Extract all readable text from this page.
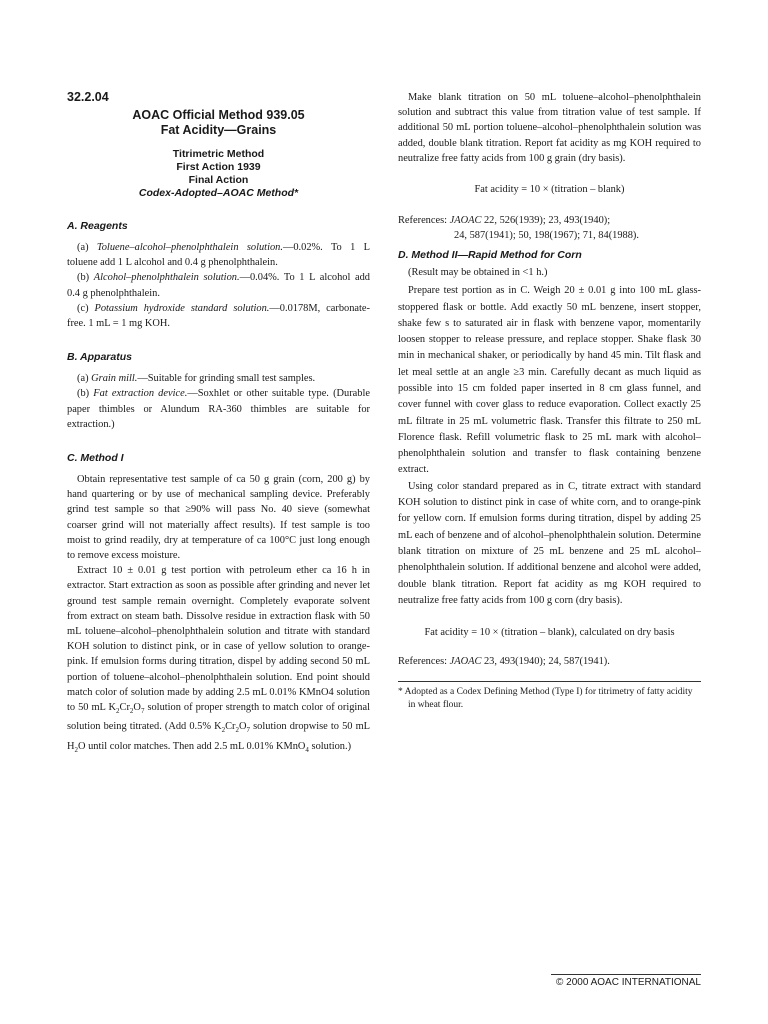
32.2.04
AOAC Official Method 939.05
Fat Acidity—Grains
Titrimetric Method
First Action 1939
Final Action
Codex-Adopted–AOAC Method*
A. Reagents

(a) Toluene–alcohol–phenolphthalein solution.—0.02%. To 1 L toluene add 1 L alcohol and 0.4 g phenolphthalein.

(b) Alcohol–phenolphthalein solution.—0.04%. To 1 L alcohol add 0.4 g phenolphthalein.

(c) Potassium hydroxide standard solution.—0.0178M, carbonate-free. 1 mL = 1 mg KOH.

B. Apparatus

(a) Grain mill.—Suitable for grinding small test samples.

(b) Fat extraction device.—Soxhlet or other suitable type. (Durable paper thimbles or Alundum RA-360 thimbles are suitable for extraction.)

C. Method I

Obtain representative test sample of ca 50 g grain (corn, 200 g) by hand quartering or by use of mechanical sampling device. Preferably grind test sample so that ≥90% will pass No. 40 sieve (somewhat coarser grind will not materially affect results). If test sample is too moist to grind readily, dry at temperature of ca 100°C just long enough to remove excess moisture.

Extract 10 ± 0.01 g test portion with petroleum ether ca 16 h in extractor. Start extraction as soon as possible after grinding and never let ground test sample remain overnight. Completely evaporate solvent from extract on steam bath. Dissolve residue in extraction flask with 50 mL toluene–alcohol–phenolphthalein solution and titrate with standard KOH solution to distinct pink, or in case of yellow solution to orange-pink. If emulsion forms during titration, dispel by adding second 50 mL portion of toluene–alcohol–phenolphthalein solution. End point should match color of solution made by adding 2.5 mL 0.01% KMnO4 solution to 50 mL $K_2Cr_2O_7$ solution of proper strength to match color of original solution being titrated. (Add 0.5% $K_2Cr_2O_7$ solution dropwise to 50 mL $H_2O$ until color matches. Then add 2.5 mL 0.01% KMnO$_4$ solution.)

Make blank titration on 50 mL toluene–alcohol–phenolphthalein solution and subtract this value from titration value of test sample. If additional 50 mL portion toluene–alcohol–phenolphthalein solution was added, double blank titration. Report fat acidity as mg KOH required to neutralize free fatty acids from 100 g grain (dry basis).

Fat acidity = 10 × (titration – blank)
References: JAOAC 22, 526(1939); 23, 493(1940);
24, 587(1941); 50, 198(1967); 71, 84(1988).
D. Method II—Rapid Method for Corn

(Result may be obtained in <1 h.)

Prepare test portion as in C. Weigh 20 ± 0.01 g into 100 mL glass-stoppered flask or bottle. Add exactly 50 mL benzene, insert stopper, shake few s to saturated air in flask with benzene vapor, momentarily loosen stopper to release pressure, and replace stopper. Shake flask 30 min in mechanical shaker, or periodically by hand 45 min. Tilt flask and let meal settle at an angle ≥3 min. Carefully decant as much liquid as possible into 15 cm folded paper inserted in 8 cm glass funnel, and cover funnel with cover glass to reduce evaporation. Collect exactly 25 mL filtrate in 25 mL volumetric flask. Transfer this filtrate to 250 mL Florence flask. Refill volumetric flask to 25 mL mark with alcohol–phenolphthalein solution and transfer to flask containing benzene extract.

Using color standard prepared as in C, titrate extract with standard KOH solution to distinct pink in case of white corn, and to orange-pink for yellow corn. If emulsion forms during titration, dispel by adding 25 mL each of benzene and of alcohol–phenolphthalein solution. Determine blank titration on mixture of 25 mL benzene and 25 mL alcohol–phenolphthalein solution. If additional benzene and alcohol were added, double blank titration. Report fat acidity as mg KOH required to neutralize free fatty acids from 100 g corn (dry basis).

Fat acidity = 10 × (titration – blank), calculated on dry basis
References: JAOAC 23, 493(1940); 24, 587(1941).
* Adopted as a Codex Defining Method (Type I) for titrimetry of fatty acidity in wheat flour.
© 2000 AOAC INTERNATIONAL
